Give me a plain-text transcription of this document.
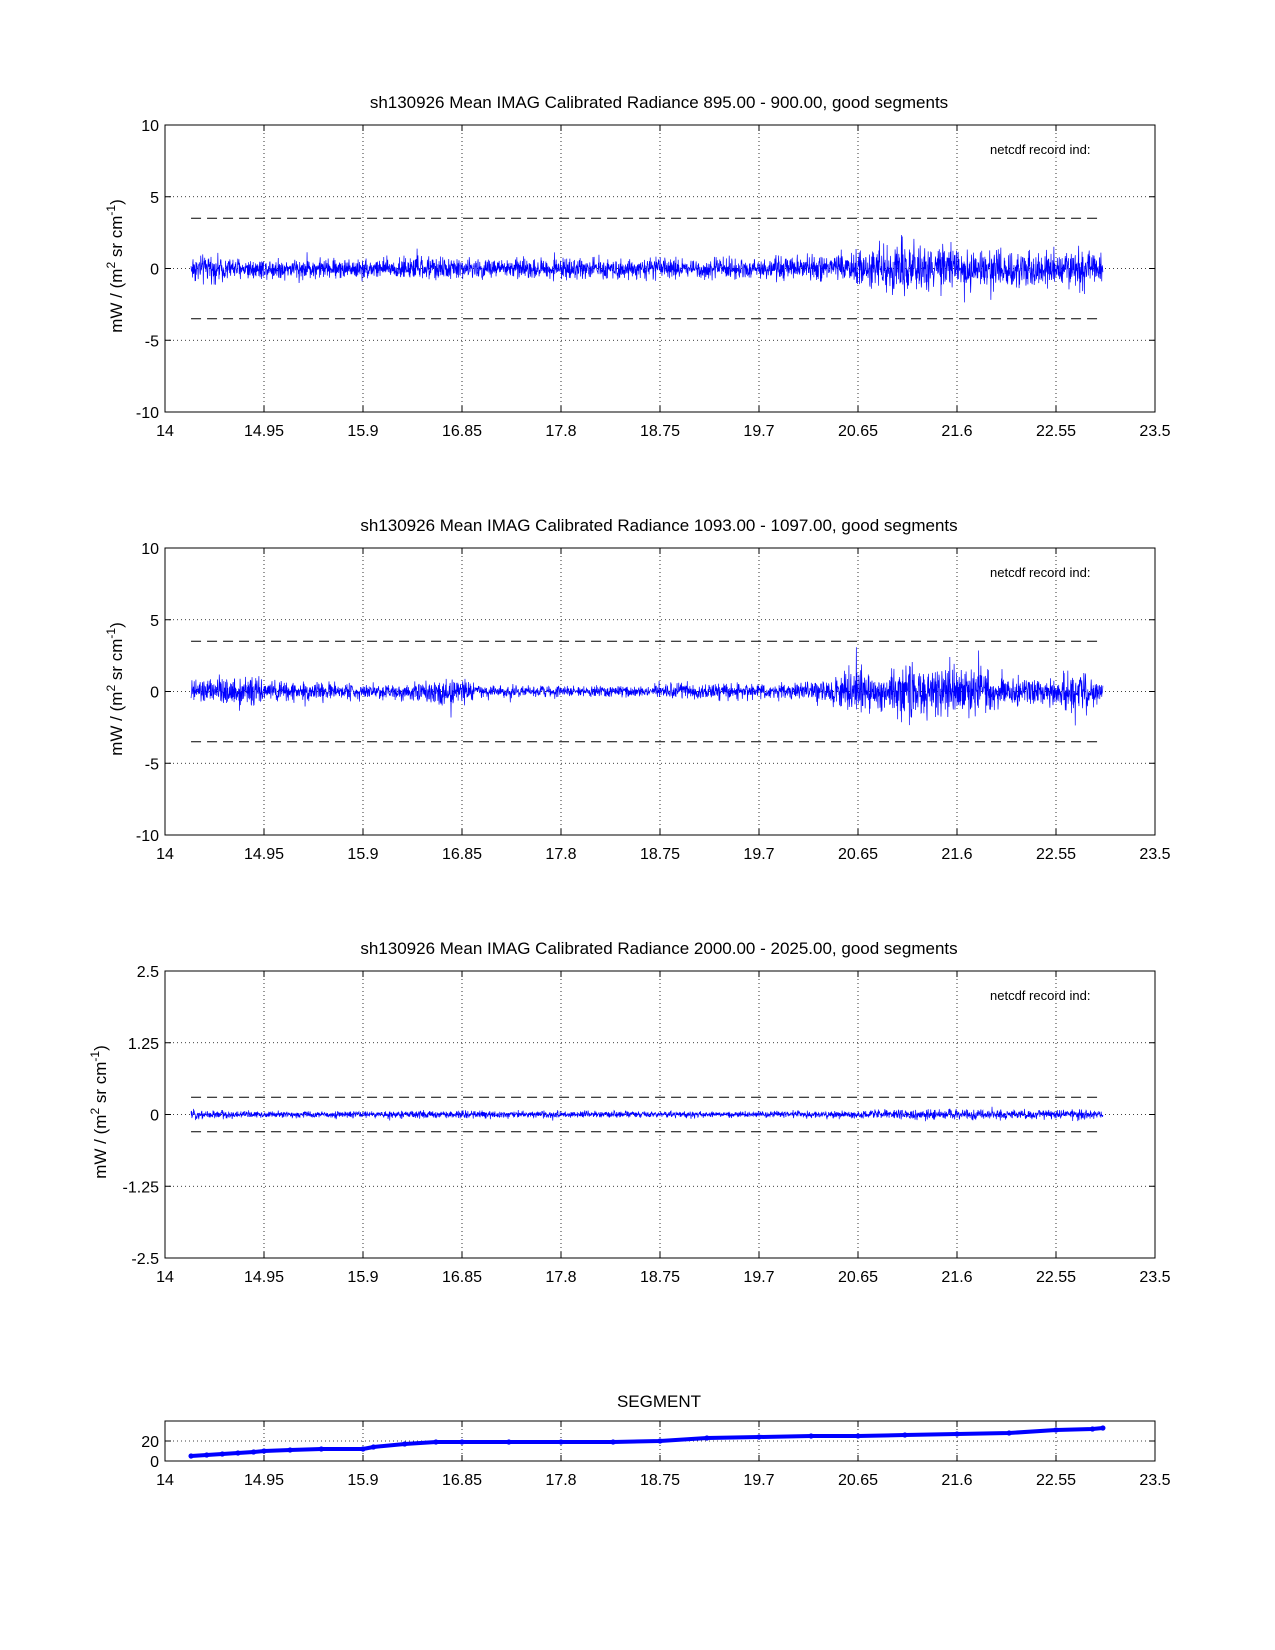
sh130926 Mean IMAG Calibrated Radiance 895.00 - 900.00, good segments
netcdf record ind:
mW / ($m^2$ sr $cm^{-1}$)
14	14.95	15.9	16.85	17.8	18.75	19.7	20.65	21.6	22.55	23.5
10
5
0
-5
-10
sh130926 Mean IMAG Calibrated Radiance 1093.00 - 1097.00, good segments
netcdf record ind:
mW / ($m^2$ sr $cm^{-1}$)
14	14.95	15.9	16.85	17.8	18.75	19.7	20.65	21.6	22.55	23.5
10
5
0
-5
-10
sh130926 Mean IMAG Calibrated Radiance 2000.00 - 2025.00, good segments
netcdf record ind:
mW / ($m^2$ sr $cm^{-1}$)
14	14.95	15.9	16.85	17.8	18.75	19.7	20.65	21.6	22.55	23.5
2.5
1.25
0
-1.25
-2.5
SEGMENT
14	14.95	15.9	16.85	17.8	18.75	19.7	20.65	21.6	22.55	23.5
20
0
